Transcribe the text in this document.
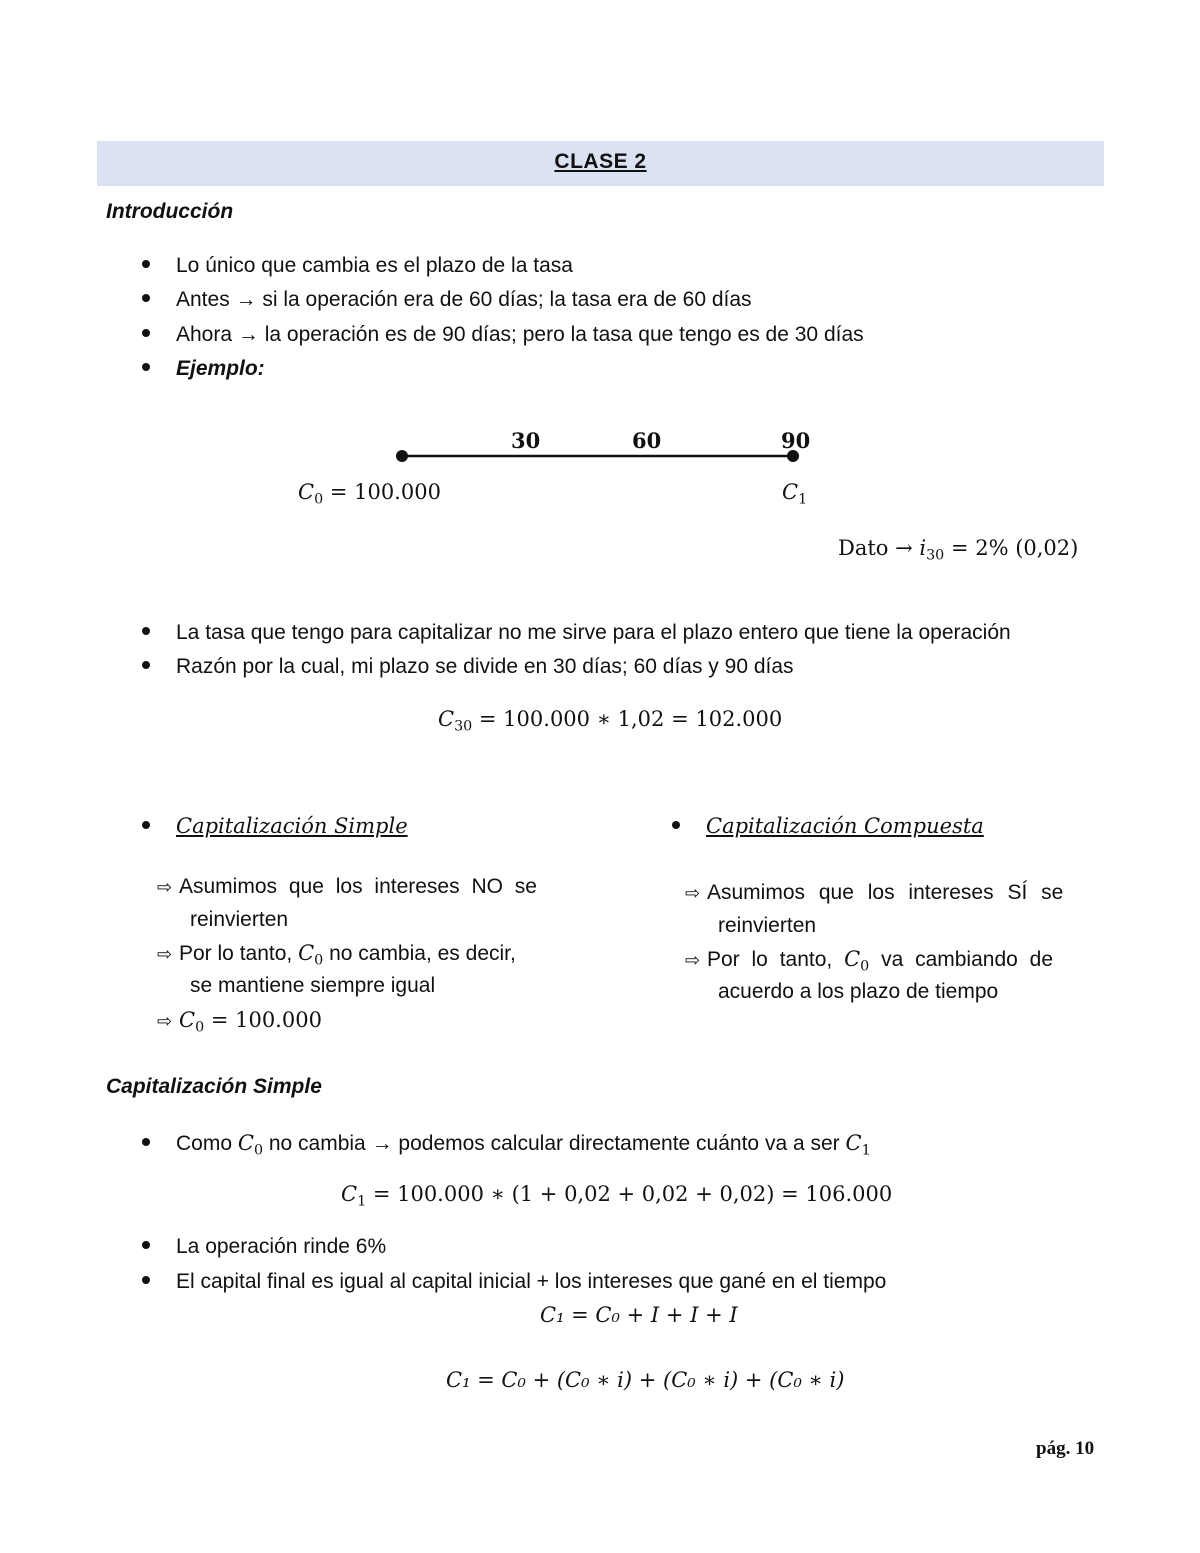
CLASE 2
Introducción
Lo único que cambia es el plazo de la tasa
Antes → si la operación era de 60 días; la tasa era de 60 días
Ahora → la operación es de 90 días; pero la tasa que tengo es de 30 días
Ejemplo:
30	60	90
$C_0 = 100.000$	$C_1$
Dato → $i_{30} = 2\%$ (0,02)
La tasa que tengo para capitalizar no me sirve para el plazo entero que tiene la operación
Razón por la cual, mi plazo se divide en 30 días; 60 días y 90 días
$C_{30} = 100.000$ ∗ 1,02 = 102.000
Capitalización Simple
⇨ Asumimos que los intereses NO se
reinvierten
⇨ Por lo tanto, $C_0$ no cambia, es decir,
se mantiene siempre igual
⇨ $C_0 = 100.000$
Capitalización Compuesta
⇨ Asumimos que los intereses SÍ se
reinvierten
⇨ Por lo tanto, $C_0$ va cambiando de
acuerdo a los plazo de tiempo
Capitalización Simple
Como $C_0$ no cambia → podemos calcular directamente cuánto va a ser $C_1$
$C_1 = 100.000$ ∗ (1 + 0,02 + 0,02 + 0,02) = 106.000
La operación rinde 6%
El capital final es igual al capital inicial + los intereses que gané en el tiempo
C₁ = C₀ + I + I + I
C₁ = C₀ + (C₀ ∗ i) + (C₀ ∗ i) + (C₀ ∗ i)
pág. 10
